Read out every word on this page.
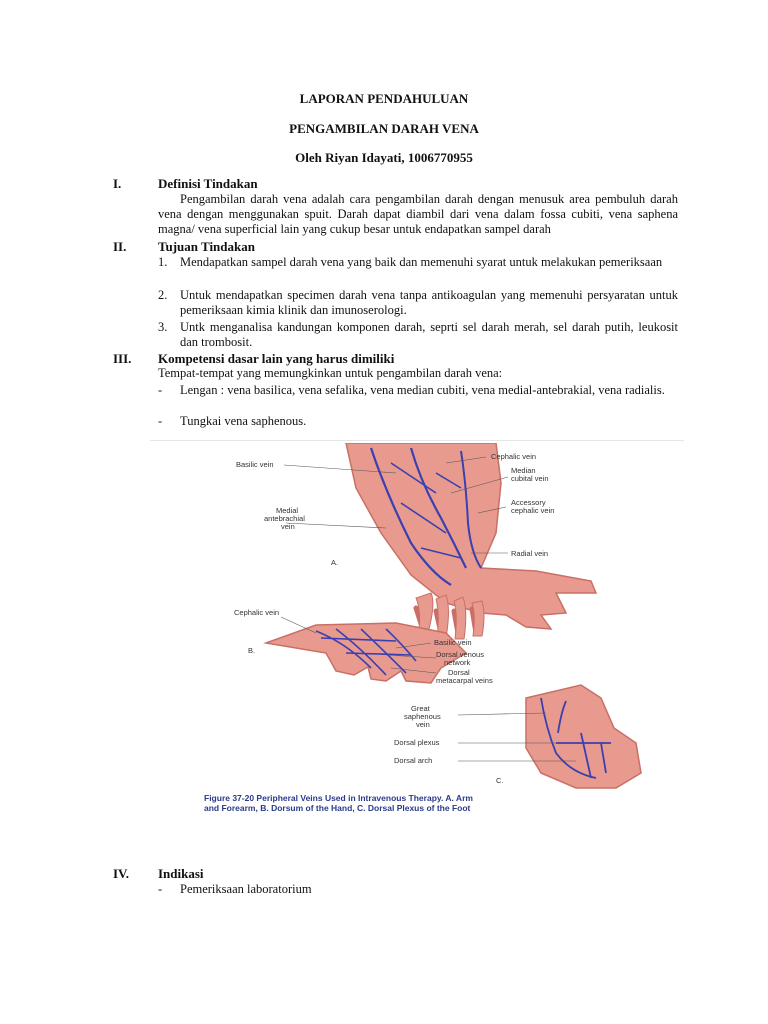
LAPORAN PENDAHULUAN
PENGAMBILAN DARAH VENA
Oleh Riyan Idayati, 1006770955
I.	Definisi Tindakan
Pengambilan darah vena adalah cara pengambilan darah dengan menusuk area pembuluh darah vena dengan menggunakan spuit. Darah dapat diambil dari vena dalam fossa cubiti, vena saphena magna/ vena superficial lain yang cukup besar untuk endapatkan sampel darah
II. Tujuan Tindakan
1.	Mendapatkan sampel darah vena yang baik dan memenuhi syarat untuk melakukan pemeriksaan
2.	Untuk mendapatkan specimen darah vena tanpa antikoagulan yang memenuhi persyaratan untuk pemeriksaan kimia klinik dan imunoserologi.
3.	Untk menganalisa kandungan komponen darah, seprti sel darah merah, sel darah putih, leukosit dan trombosit.
III. Kompetensi dasar lain yang harus dimiliki
Tempat-tempat yang memungkinkan untuk pengambilan darah vena:
-	Lengan : vena basilica, vena sefalika, vena median cubiti, vena medial-antebrakial, vena radialis.
-	Tungkai vena saphenous.
Basilic vein
Cephalic vein
Median
cubital vein
Accessory
cephalic vein
Radial vein
Medial
antebrachial
vein
A.
Cephalic vein
Basilic vein
Dorsal venous
network
Dorsal
metacarpal veins
B.
Great
saphenous
vein
Dorsal plexus
Dorsal arch
C.
Figure 37-20 Peripheral Veins Used in Intravenous Therapy. A. Arm
and Forearm, B. Dorsum of the Hand, C. Dorsal Plexus of the Foot
IV. Indikasi
-	Pemeriksaan laboratorium
